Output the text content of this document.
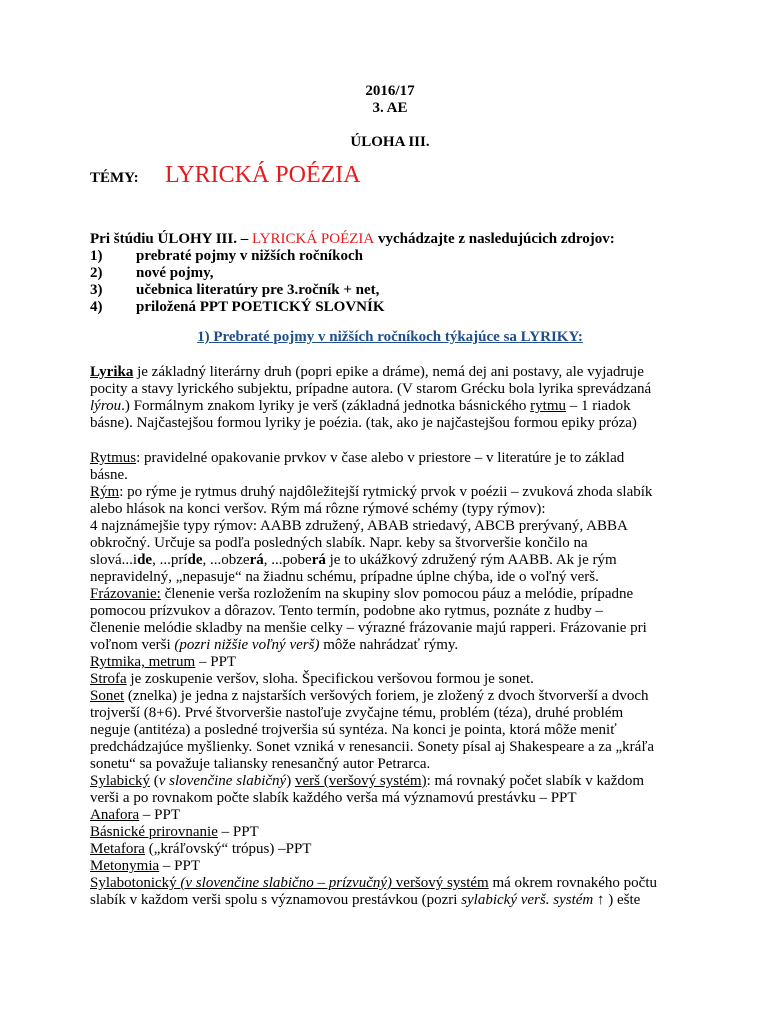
2016/17
3. AE
ÚLOHA III.
TÉMY:	LYRICKÁ POÉZIA
Pri štúdiu ÚLOHY III. – LYRICKÁ POÉZIA vychádzajte z nasledujúcich zdrojov:
1)	prebraté pojmy v nižších ročníkoch
2)	nové pojmy,
3)	učebnica literatúry pre 3.ročník + net,
4)	priložená PPT POETICKÝ SLOVNÍK
1) Prebraté pojmy v nižších ročníkoch týkajúce sa LYRIKY:
Lyrika je základný literárny druh (popri epike a dráme), nemá dej ani postavy, ale vyjadruje
pocity a stavy lyrického subjektu, prípadne autora. (V starom Grécku bola lyrika sprevádzaná
lýrou.) Formálnym znakom lyriky je verš (základná jednotka básnického rytmu – 1 riadok
básne). Najčastejšou formou lyriky je poézia. (tak, ako je najčastejšou formou epiky próza)
Rytmus: pravidelné opakovanie prvkov v čase alebo v priestore – v literatúre je to základ
básne.
Rým: po rýme je rytmus druhý najdôležitejší rytmický prvok v poézii – zvuková zhoda slabík
alebo hlások na konci veršov. Rým má rôzne rýmové schémy (typy rýmov):
4 najznámejšie typy rýmov: AABB združený, ABAB striedavý, ABCB prerývaný, ABBA
obkročný. Určuje sa podľa posledných slabík. Napr. keby sa štvorveršie končilo na
slová...ide, ...príde, ...obzerá, ...poberá je to ukážkový združený rým AABB. Ak je rým
nepravidelný, „nepasuje“ na žiadnu schému, prípadne úplne chýba, ide o voľný verš.
Frázovanie: členenie verša rozložením na skupiny slov pomocou páuz a melódie, prípadne
pomocou prízvukov a dôrazov. Tento termín, podobne ako rytmus, poznáte z hudby –
členenie melódie skladby na menšie celky – výrazné frázovanie majú rapperi. Frázovanie pri
voľnom verši (pozri nižšie voľný verš) môže nahrádzať rýmy.
Rytmika, metrum – PPT
Strofa je zoskupenie veršov, sloha. Špecifickou veršovou formou je sonet.
Sonet (znelka) je jedna z najstarších veršových foriem, je zložený z dvoch štvorverší a dvoch
trojverší (8+6). Prvé štvorveršie nastoľuje zvyčajne tému, problém (téza), druhé problém
neguje (antitéza) a posledné trojveršia sú syntéza. Na konci je pointa, ktorá môže meniť
predchádzajúce myšlienky. Sonet vzniká v renesancii. Sonety písal aj Shakespeare a za „kráľa
sonetu“ sa považuje taliansky renesančný autor Petrarca.
Sylabický (v slovenčine slabičný) verš (veršový systém): má rovnaký počet slabík v každom
verši a po rovnakom počte slabík každého verša má významovú prestávku – PPT
Anafora – PPT
Básnické prirovnanie – PPT
Metafora („kráľovský“ trópus) –PPT
Metonymia – PPT
Sylabotonický (v slovenčine slabično – prízvučný) veršový systém má okrem rovnakého počtu
slabík v každom verši spolu s významovou prestávkou (pozri sylabický verš. systém ↑ ) ešte
